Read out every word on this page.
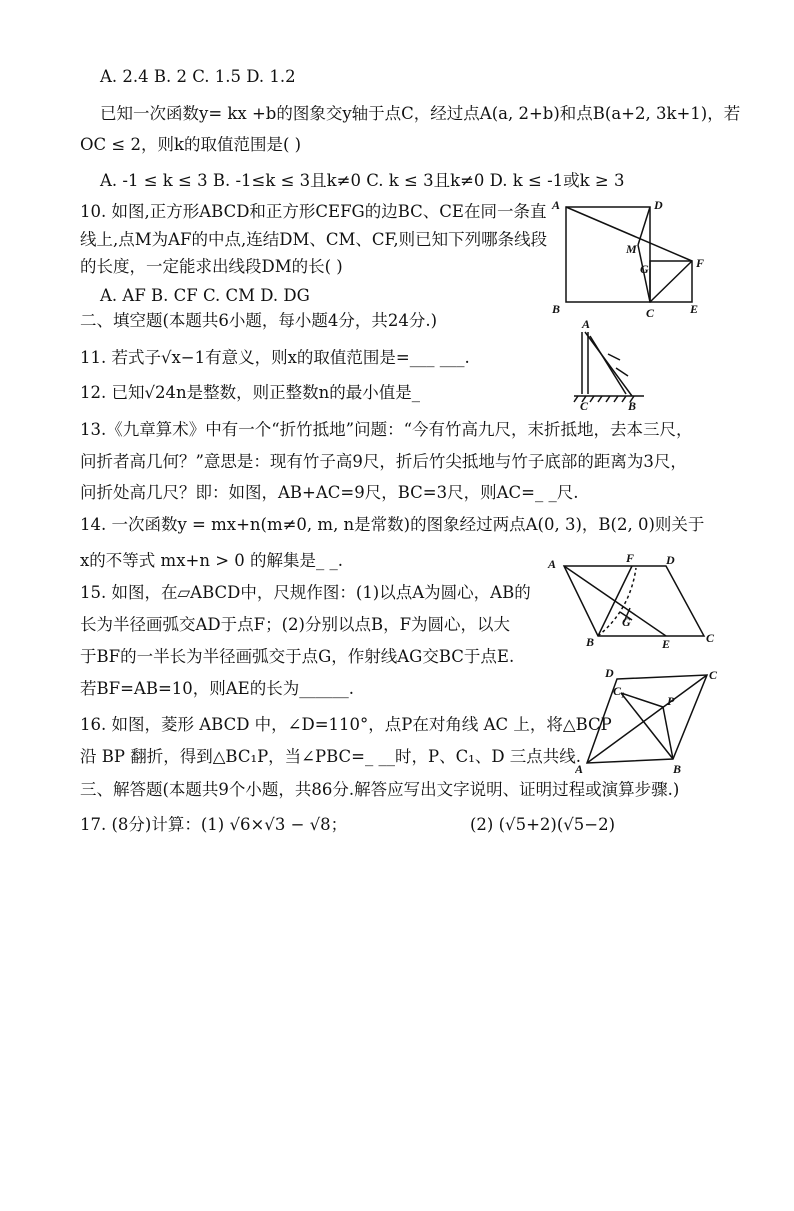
A. 2.4 B. 2 C. 1.5 D. 1.2
已知一次函数y= kx +b的图象交y轴于点C，经过点A(a, 2+b)和点B(a+2, 3k+1)，若
OC ≤ 2，则k的取值范围是( )
A. -1 ≤ k ≤ 3 B. -1≤k ≤ 3且k≠0 C. k ≤ 3且k≠0 D. k ≤ -1或k ≥ 3
10. 如图,正方形ABCD和正方形CEFG的边BC、CE在同一条直
线上,点M为AF的中点,连结DM、CM、CF,则已知下列哪条线段
的长度，一定能求出线段DM的长( )
A. AF B. CF C. CM D. DG
二、填空题(本题共6小题，每小题4分，共24分.)
11. 若式子√x−1有意义，则x的取值范围是=___ ___.
12. 已知√24n是整数，则正整数n的最小值是_
13.《九章算术》中有一个“折竹抵地”问题：“今有竹高九尺，末折抵地，去本三尺，
问折者高几何？”意思是：现有竹子高9尺，折后竹尖抵地与竹子底部的距离为3尺，
问折处高几尺？即：如图，AB+AC=9尺，BC=3尺，则AC=_ _尺.
14. 一次函数y = mx+n(m≠0, m, n是常数)的图象经过两点A(0, 3)，B(2, 0)则关于
x的不等式 mx+n > 0 的解集是_ _.
15. 如图，在▱ABCD中，尺规作图：(1)以点A为圆心，AB的
长为半径画弧交AD于点F；(2)分别以点B，F为圆心，以大
于BF的一半长为半径画弧交于点G，作射线AG交BC于点E.
若BF=AB=10，则AE的长为______.
16. 如图，菱形 ABCD 中，∠D=110°，点P在对角线 AC 上，将△BCP
沿 BP 翻折，得到△BC₁P，当∠PBC=_ __时，P、C₁、D 三点共线.
三、解答题(本题共9个小题，共86分.解答应写出文字说明、证明过程或演算步骤.)
17. (8分)计算：(1) √6×√3 − √8；	(2) (√5+2)(√5−2)
A	D
M
G	F
B	C	E
A
C	B
A	F	D
G
B	E	C
D
C₁
C
P
A	B
